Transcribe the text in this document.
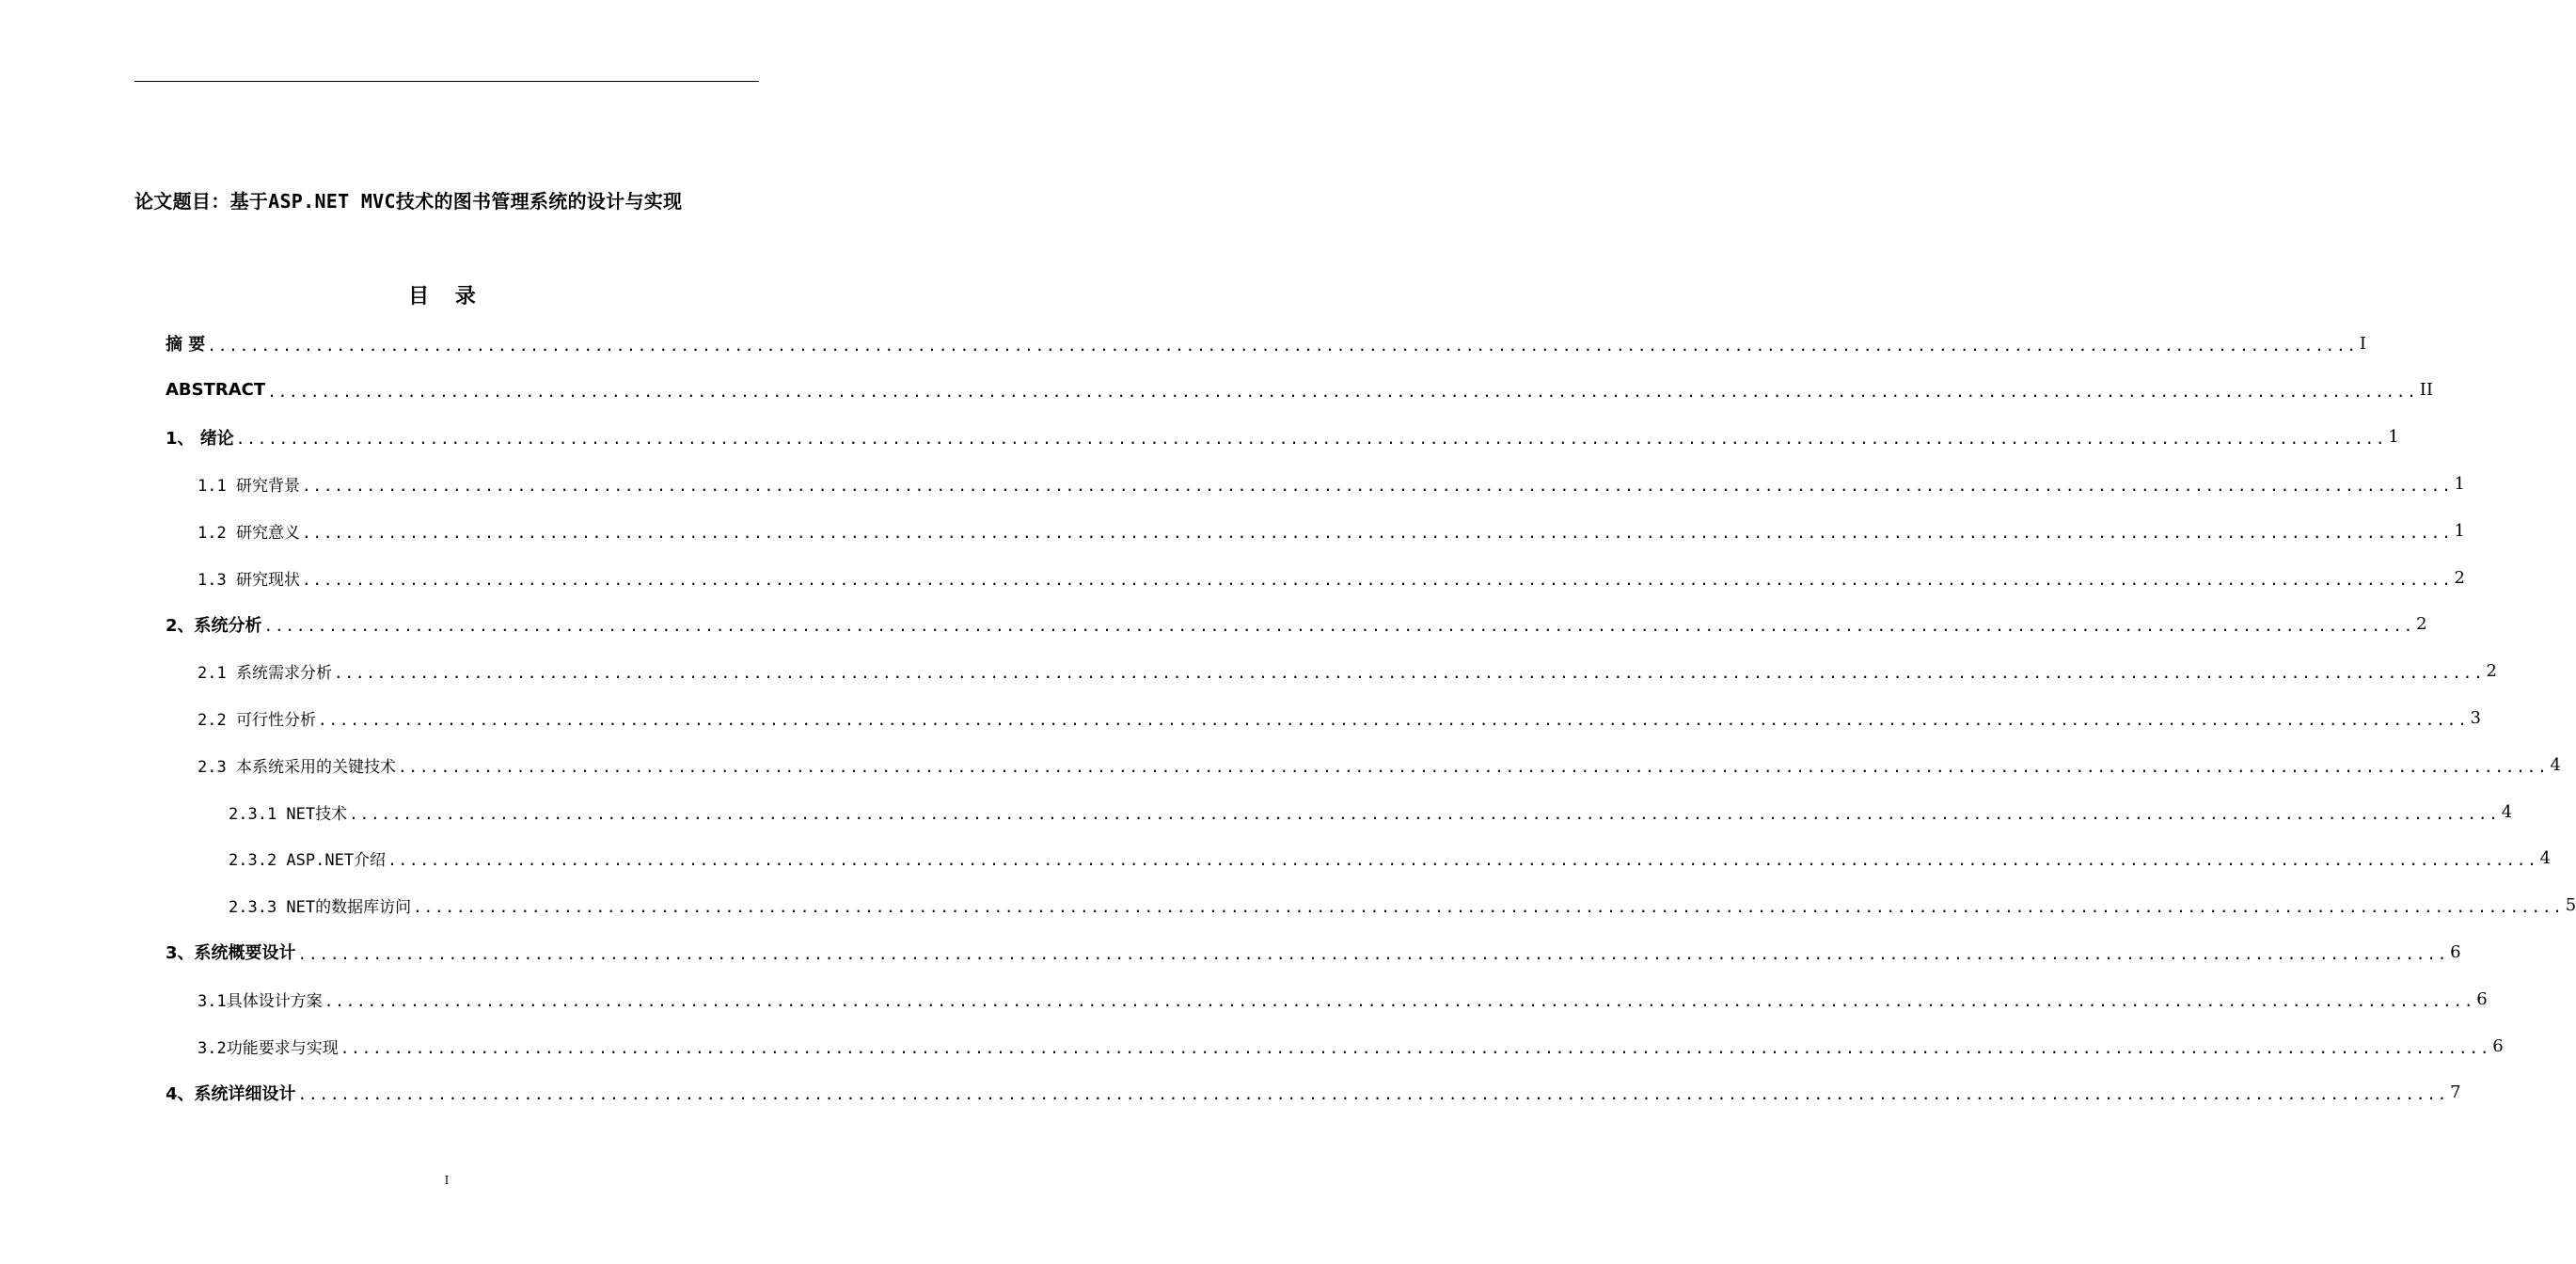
论文题目：基于ASP.NET MVC技术的图书管理系统的设计与实现
目 录
摘 要 ........................................................................................................................................................................................................ I
ABSTRACT ........................................................................................................................................................................................................ II
1、 绪论 ........................................................................................................................................................................................................ 1
1.1 研究背景 ........................................................................................................................................................................................................ 1
1.2 研究意义 ........................................................................................................................................................................................................ 1
1.3 研究现状 ........................................................................................................................................................................................................ 2
2、系统分析 ........................................................................................................................................................................................................ 2
2.1 系统需求分析 ........................................................................................................................................................................................................ 2
2.2 可行性分析 ........................................................................................................................................................................................................ 3
2.3 本系统采用的关键技术 ........................................................................................................................................................................................................ 4
2.3.1 NET技术 ........................................................................................................................................................................................................ 4
2.3.2 ASP.NET介绍 ........................................................................................................................................................................................................ 4
2.3.3 NET的数据库访问 ........................................................................................................................................................................................................ 5
3、系统概要设计 ........................................................................................................................................................................................................ 6
3.1具体设计方案 ........................................................................................................................................................................................................ 6
3.2功能要求与实现 ........................................................................................................................................................................................................ 6
4、系统详细设计 ........................................................................................................................................................................................................ 7
I
